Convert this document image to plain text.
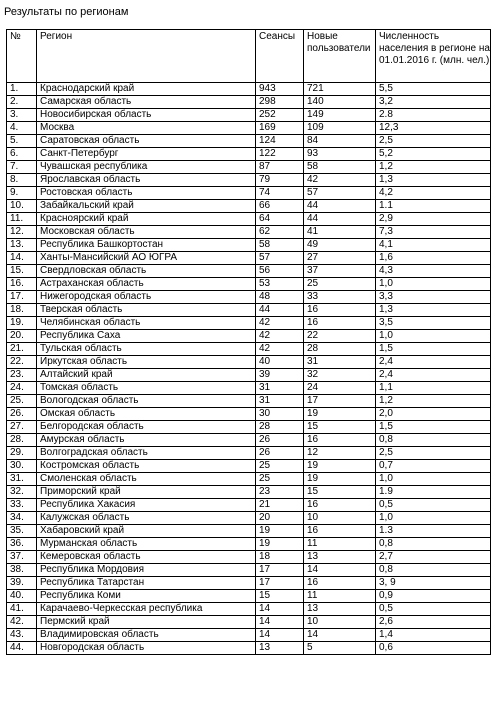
Результаты по регионам
№	Регион	Сеансы	Новые пользователи	Численность населения в регионе на 01.01.2016 г. (млн. чел.)
1.	Краснодарский край	943	721	5,5
2.	Самарская область	298	140	3,2
3.	Новосибирская область	252	149	2.8
4.	Москва	169	109	12,3
5.	Саратовская область	124	84	2,5
6.	Санкт-Петербург	122	93	5,2
7.	Чувашская республика	87	58	1,2
8.	Ярославская область	79	42	1,3
9.	Ростовская область	74	57	4,2
10.	Забайкальский край	66	44	1.1
11.	Красноярский край	64	44	2,9
12.	Московская область	62	41	7,3
13.	Республика Башкортостан	58	49	4,1
14.	Ханты-Мансийский АО ЮГРА	57	27	1,6
15.	Свердловская область	56	37	4,3
16.	Астраханская область	53	25	1,0
17.	Нижегородская область	48	33	3,3
18.	Тверская область	44	16	1,3
19.	Челябинская область	42	16	3,5
20.	Республика Саха	42	22	1,0
21.	Тульская область	42	28	1,5
22.	Иркутская область	40	31	2,4
23.	Алтайский край	39	32	2,4
24.	Томская область	31	24	1,1
25.	Вологодская область	31	17	1,2
26.	Омская область	30	19	2,0
27.	Белгородская область	28	15	1,5
28.	Амурская область	26	16	0,8
29.	Волгоградская область	26	12	2,5
30.	Костромская область	25	19	0,7
31.	Смоленская область	25	19	1,0
32.	Приморский край	23	15	1.9
33.	Республика Хакасия	21	16	0,5
34.	Калужская область	20	10	1,0
35.	Хабаровский край	19	16	1.3
36.	Мурманская область	19	11	0,8
37.	Кемеровская область	18	13	2,7
38.	Республика Мордовия	17	14	0,8
39.	Республика Татарстан	17	16	3, 9
40.	Республика Коми	15	11	0,9
41.	Карачаево-Черкесская республика	14	13	0,5
42.	Пермский край	14	10	2,6
43.	Владимировская область	14	14	1,4
44.	Новгородская область	13	5	0,6
